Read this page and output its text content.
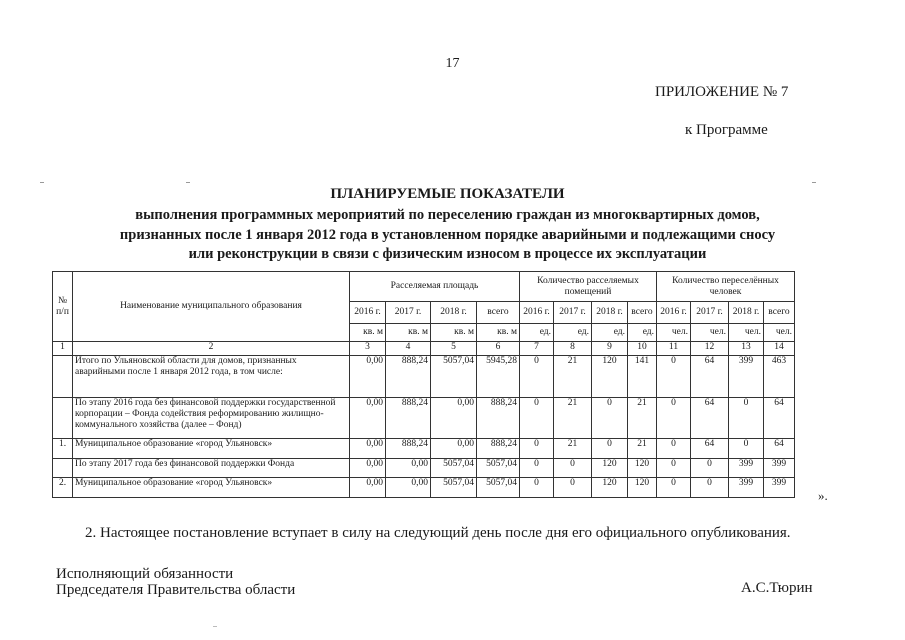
17
ПРИЛОЖЕНИЕ № 7
к Программе
ПЛАНИРУЕМЫЕ ПОКАЗАТЕЛИ
выполнения программных мероприятий по переселению граждан из многоквартирных домов,
признанных после 1 января 2012 года в установленном порядке аварийными и подлежащими сносу
или реконструкции в связи с физическим износом в процессе их эксплуатации
№ п/п	Наименование муниципального образования	Расселяемая площадь				Количество расселяемых помещений				Количество переселённых человек			
		2016 г.	2017 г.	2018 г.	всего	2016 г.	2017 г.	2018 г.	всего	2016 г.	2017 г.	2018 г.	всего
		кв. м	кв. м	кв. м	кв. м	ед.	ед.	ед.	ед.	чел.	чел.	чел.	чел.
1	2	3	4	5	6	7	8	9	10	11	12	13	14
	Итого по Ульяновской области для домов, признанных аварийными после 1 января 2012 года, в том числе:	0,00	888,24	5057,04	5945,28	0	21	120	141	0	64	399	463
	По этапу 2016 года без финансовой поддержки государственной корпорации – Фонда содействия реформированию жилищно-коммунального хозяйства (далее – Фонд)	0,00	888,24	0,00	888,24	0	21	0	21	0	64	0	64
1.	Муниципальное образование «город Ульяновск»	0,00	888,24	0,00	888,24	0	21	0	21	0	64	0	64
	По этапу 2017 года без финансовой поддержки Фонда	0,00	0,00	5057,04	5057,04	0	0	120	120	0	0	399	399
2.	Муниципальное образование «город Ульяновск»	0,00	0,00	5057,04	5057,04	0	0	120	120	0	0	399	399
».
2. Настоящее постановление вступает в силу на следующий день после дня его официального опубликования.
Исполняющий обязанности
Председателя Правительства области	А.С.Тюрин
